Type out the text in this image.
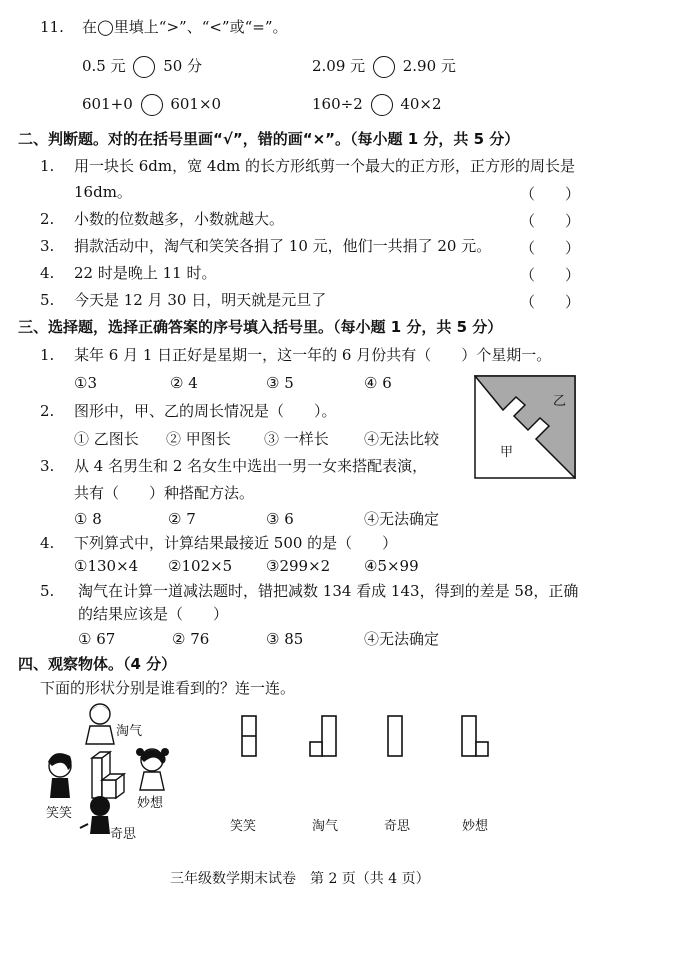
11. 在◯里填上“>”、“<”或“=”。
0.5 元	50 分	2.09 元	2.90 元
601+0	601×0	160÷2	40×2
二、判断题。对的在括号里画“√”，错的画“×”。（每小题 1 分，共 5 分）
1. 用一块长 6dm，宽 4dm 的长方形纸剪一个最大的正方形，正方形的周长是
16dm。	（　　）
2. 小数的位数越多，小数就越大。	（　　）
3. 捐款活动中，淘气和笑笑各捐了 10 元，他们一共捐了 20 元。 （　　）
4. 22 时是晚上 11 时。	（　　）
5. 今天是 12 月 30 日，明天就是元旦了	（　　）
三、选择题，选择正确答案的序号填入括号里。（每小题 1 分，共 5 分）
1. 某年 6 月 1 日正好是星期一，这一年的 6 月份共有（　　）个星期一。
①3	② 4	③ 5	④ 6
2. 图形中，甲、乙的周长情况是（　　）。
① 乙图长 ② 甲图长 ③ 一样长 ④无法比较
3. 从 4 名男生和 2 名女生中选出一男一女来搭配表演，
共有（　　）种搭配方法。
① 8	② 7	③ 6	④无法确定
4. 下列算式中，计算结果最接近 500 的是（　　）
①130×4 ②102×5 ③299×2 ④5×99
5. 淘气在计算一道减法题时，错把减数 134 看成 143，得到的差是 58，正确
的结果应该是（　　）
① 67	② 76	③ 85	④无法确定
乙
甲
四、观察物体。（4 分）
下面的形状分别是谁看到的？连一连。
淘气
笑笑
妙想
奇思
笑笑	淘气	奇思	妙想
三年级数学期末试卷　第 2 页（共 4 页）
